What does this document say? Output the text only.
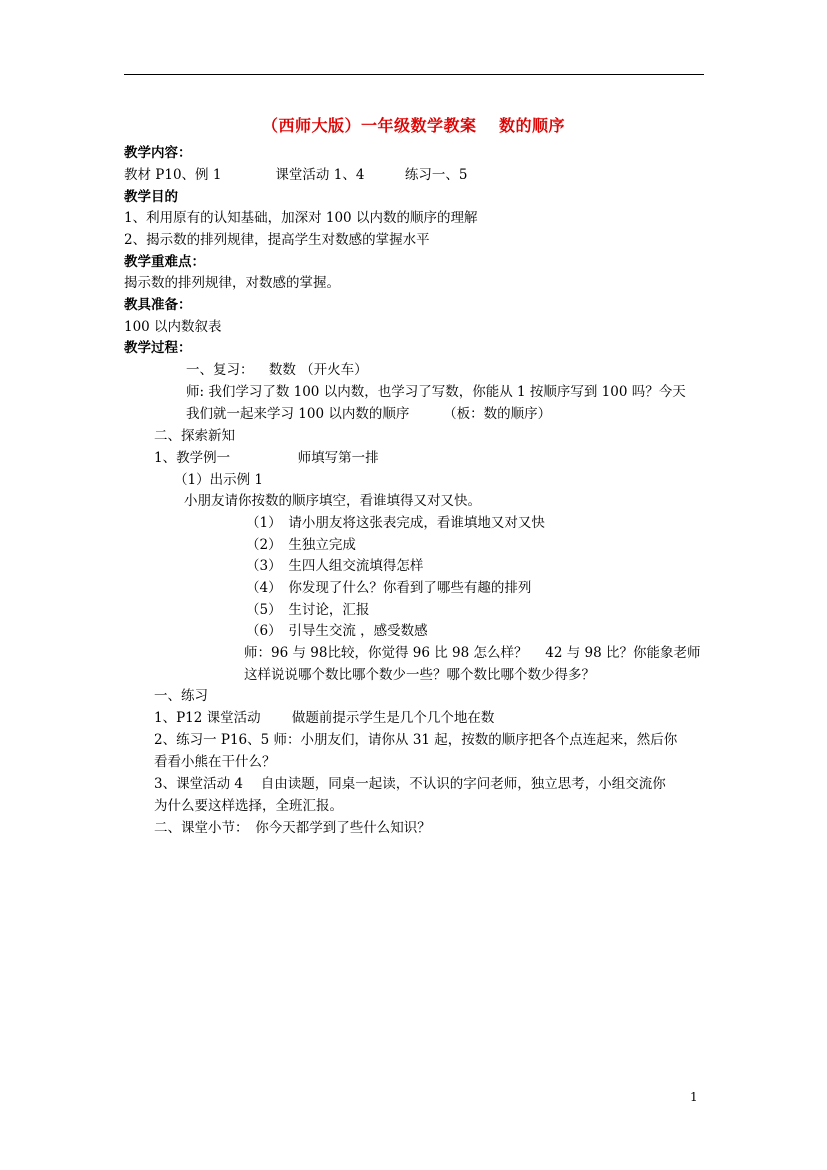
（西师大版）一年级数学教案　 数的顺序
教学内容：
教材 P10、例 1　　　　课堂活动 1、4　　　练习一、5
教学目的
1、利用原有的认知基础，加深对 100 以内数的顺序的理解
2、揭示数的排列规律，提高学生对数感的掌握水平
教学重难点：
揭示数的排列规律，对数感的掌握。
教具准备：
100 以内数叙表
教学过程：
一、复习：　  数数 （开火车）
师: 我们学习了数 100 以内数，也学习了写数，你能从 1 按顺序写到 100 吗？今天
我们就一起来学习 100 以内数的顺序　　　（板：数的顺序）
二、探索新知
1、教学例一　　　　　师填写第一排
（1）出示例 1
小朋友请你按数的顺序填空，看谁填得又对又快。
（1）　请小朋友将这张表完成，看谁填地又对又快
（2）　生独立完成
（3）　生四人组交流填得怎样
（4）　你发现了什么？你看到了哪些有趣的排列
（5）　生讨论，汇报
（6）　引导生交流 ，感受数感
师：96 与 98比较，你觉得 96 比 98 怎么样？　 42 与 98 比？你能象老师
这样说说哪个数比哪个数少一些？哪个数比哪个数少得多？
一、练习
1、P12 课堂活动　　 做题前提示学生是几个几个地在数
2、练习一 P16、5 师：小朋友们，请你从 31 起，按数的顺序把各个点连起来，然后你
看看小熊在干什么？
3、课堂活动 4　 自由读题，同桌一起读，不认识的字问老师，独立思考，小组交流你
为什么要这样选择，全班汇报。
二、课堂小节：　你今天都学到了些什么知识？
1
